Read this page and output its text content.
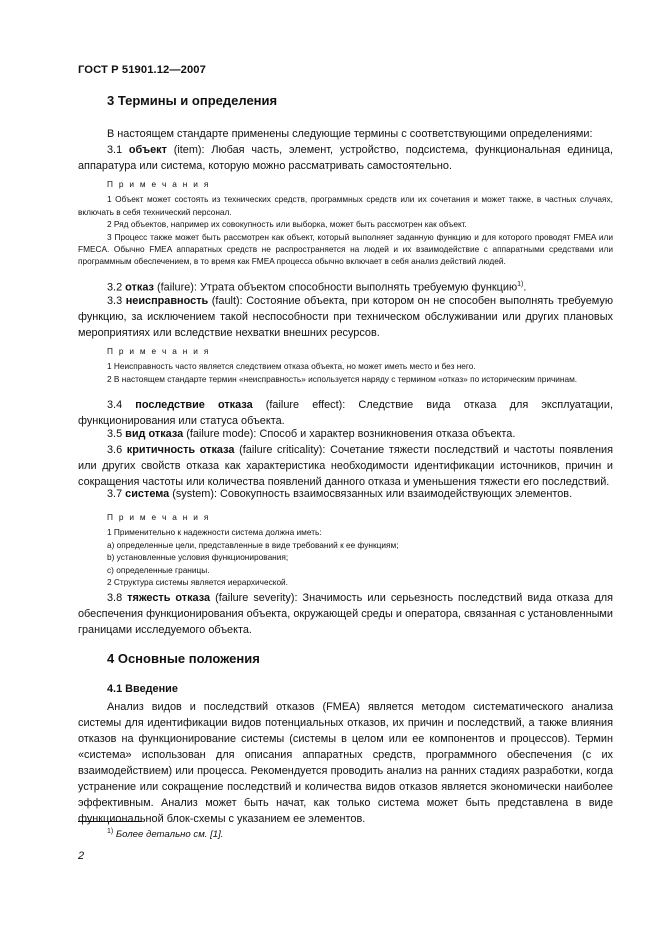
ГОСТ Р 51901.12—2007
3 Термины и определения
В настоящем стандарте применены следующие термины с соответствующими определениями:
3.1 объект (item): Любая часть, элемент, устройство, подсистема, функциональная единица, аппаратура или система, которую можно рассматривать самостоятельно.
П р и м е ч а н и я
1 Объект может состоять из технических средств, программных средств или их сочетания и может также, в частных случаях, включать в себя технический персонал.
2 Ряд объектов, например их совокупность или выборка, может быть рассмотрен как объект.
3 Процесс также может быть рассмотрен как объект, который выполняет заданную функцию и для которого проводят FMEA или FMECA. Обычно FMEA аппаратных средств не распространяется на людей и их взаимодействие с аппаратными средствами или программным обеспечением, в то время как FMEA процесса обычно включает в себя анализ действий людей.
3.2 отказ (failure): Утрата объектом способности выполнять требуемую функцию$^{1)}$.
3.3 неисправность (fault): Состояние объекта, при котором он не способен выполнять требуемую функцию, за исключением такой неспособности при техническом обслуживании или других плановых мероприятиях или вследствие нехватки внешних ресурсов.
П р и м е ч а н и я
1 Неисправность часто является следствием отказа объекта, но может иметь место и без него.
2 В настоящем стандарте термин «неисправность» используется наряду с термином «отказ» по историческим причинам.
3.4 последствие отказа (failure effect): Следствие вида отказа для эксплуатации, функционирования или статуса объекта.
3.5 вид отказа (failure mode): Способ и характер возникновения отказа объекта.
3.6 критичность отказа (failure criticality): Сочетание тяжести последствий и частоты появления или других свойств отказа как характеристика необходимости идентификации источников, причин и сокращения частоты или количества появлений данного отказа и уменьшения тяжести его последствий.
3.7 система (system): Совокупность взаимосвязанных или взаимодействующих элементов.
П р и м е ч а н и я
1 Применительно к надежности система должна иметь:
a) определенные цели, представленные в виде требований к ее функциям;
b) установленные условия функционирования;
c) определенные границы.
2 Структура системы является иерархической.
3.8 тяжесть отказа (failure severity): Значимость или серьезность последствий вида отказа для обеспечения функционирования объекта, окружающей среды и оператора, связанная с установленными границами исследуемого объекта.
4 Основные положения
4.1 Введение
Анализ видов и последствий отказов (FMEA) является методом систематического анализа системы для идентификации видов потенциальных отказов, их причин и последствий, а также влияния отказов на функционирование системы (системы в целом или ее компонентов и процессов). Термин «система» использован для описания аппаратных средств, программного обеспечения (с их взаимодействием) или процесса. Рекомендуется проводить анализ на ранних стадиях разработки, когда устранение или сокращение последствий и количества видов отказов является экономически наиболее эффективным. Анализ может быть начат, как только система может быть представлена в виде функциональной блок-схемы с указанием ее элементов.
$^{1)}$ Более детально см. [1].
2
